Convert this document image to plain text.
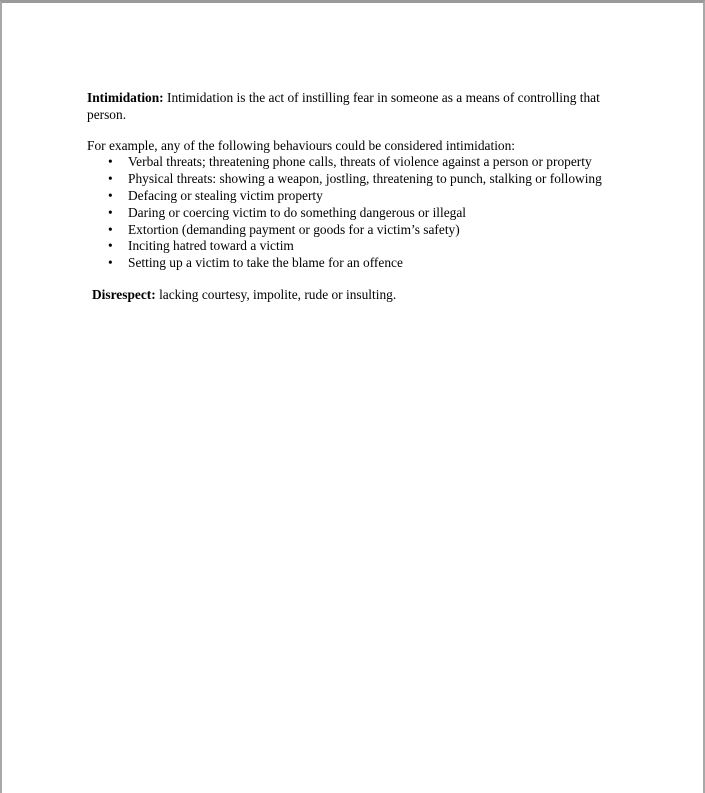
Intimidation: Intimidation is the act of instilling fear in someone as a means of controlling that person.

For example, any of the following behaviours could be considered intimidation:

• Verbal threats; threatening phone calls, threats of violence against a person or property
• Physical threats: showing a weapon, jostling, threatening to punch, stalking or following
• Defacing or stealing victim property
• Daring or coercing victim to do something dangerous or illegal
• Extortion (demanding payment or goods for a victim’s safety)
• Inciting hatred toward a victim
• Setting up a victim to take the blame for an offence

Disrespect: lacking courtesy, impolite, rude or insulting.
